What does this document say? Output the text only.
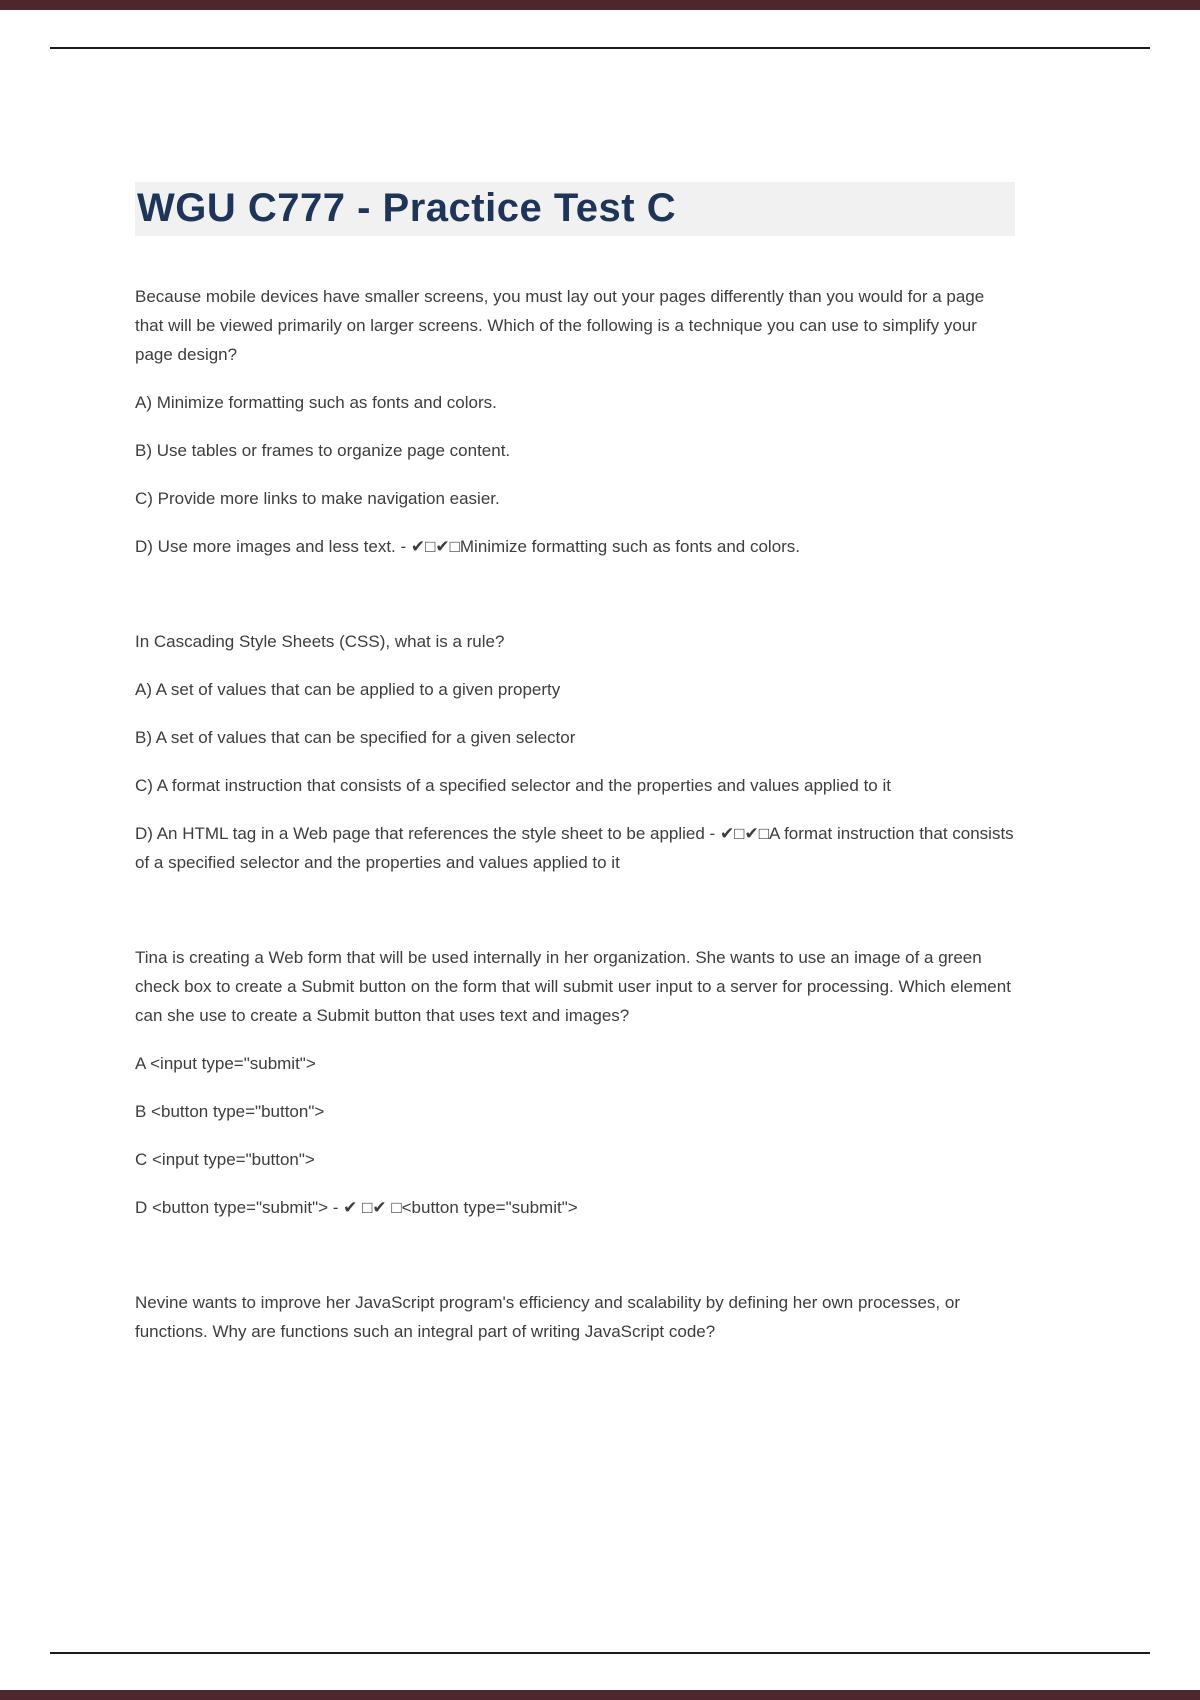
WGU C777 - Practice Test C

Because mobile devices have smaller screens, you must lay out your pages differently than you would for a page that will be viewed primarily on larger screens. Which of the following is a technique you can use to simplify your page design?

A) Minimize formatting such as fonts and colors.

B) Use tables or frames to organize page content.

C) Provide more links to make navigation easier.

D) Use more images and less text. - ✔□✔□Minimize formatting such as fonts and colors.

In Cascading Style Sheets (CSS), what is a rule?

A) A set of values that can be applied to a given property

B) A set of values that can be specified for a given selector

C) A format instruction that consists of a specified selector and the properties and values applied to it

D) An HTML tag in a Web page that references the style sheet to be applied - ✔□✔□A format instruction that consists of a specified selector and the properties and values applied to it

Tina is creating a Web form that will be used internally in her organization. She wants to use an image of a green check box to create a Submit button on the form that will submit user input to a server for processing. Which element can she use to create a Submit button that uses text and images?

A <input type="submit">

B <button type="button">

C <input type="button">

D <button type="submit"> - ✔ □✔ □<button type="submit">

Nevine wants to improve her JavaScript program's efficiency and scalability by defining her own processes, or functions. Why are functions such an integral part of writing JavaScript code?
